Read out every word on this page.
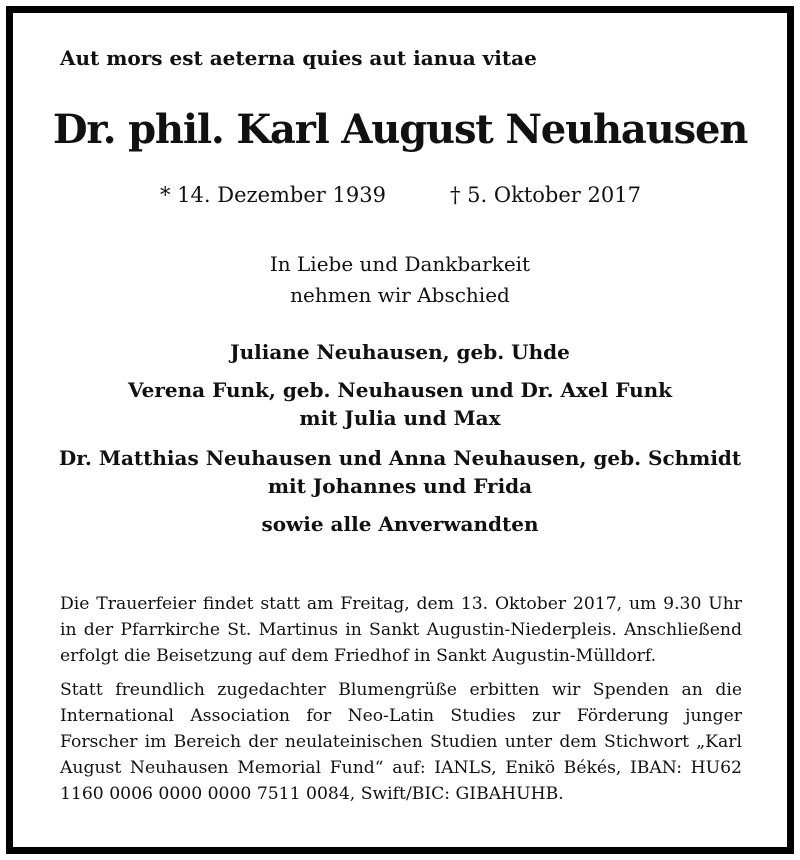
Aut mors est aeterna quies aut ianua vitae
Dr. phil. Karl August Neuhausen
* 14. Dezember 1939	† 5. Oktober 2017
In Liebe und Dankbarkeit
nehmen wir Abschied
Juliane Neuhausen, geb. Uhde
Verena Funk, geb. Neuhausen und Dr. Axel Funk
mit Julia und Max
Dr. Matthias Neuhausen und Anna Neuhausen, geb. Schmidt
mit Johannes und Frida
sowie alle Anverwandten
Die Trauerfeier findet statt am Freitag, dem 13. Oktober 2017, um 9.30 Uhr in der Pfarrkirche St. Martinus in Sankt Augustin-Niederpleis. Anschließend erfolgt die Beisetzung auf dem Friedhof in Sankt Augustin-Mülldorf.
Statt freundlich zugedachter Blumengrüße erbitten wir Spenden an die International Association for Neo-Latin Studies zur Förderung junger Forscher im Bereich der neulateinischen Studien unter dem Stichwort „Karl August Neuhausen Memorial Fund“ auf: IANLS, Enikö Békés, IBAN: HU62 1160 0006 0000 0000 7511 0084, Swift/BIC: GIBAHUHB.
